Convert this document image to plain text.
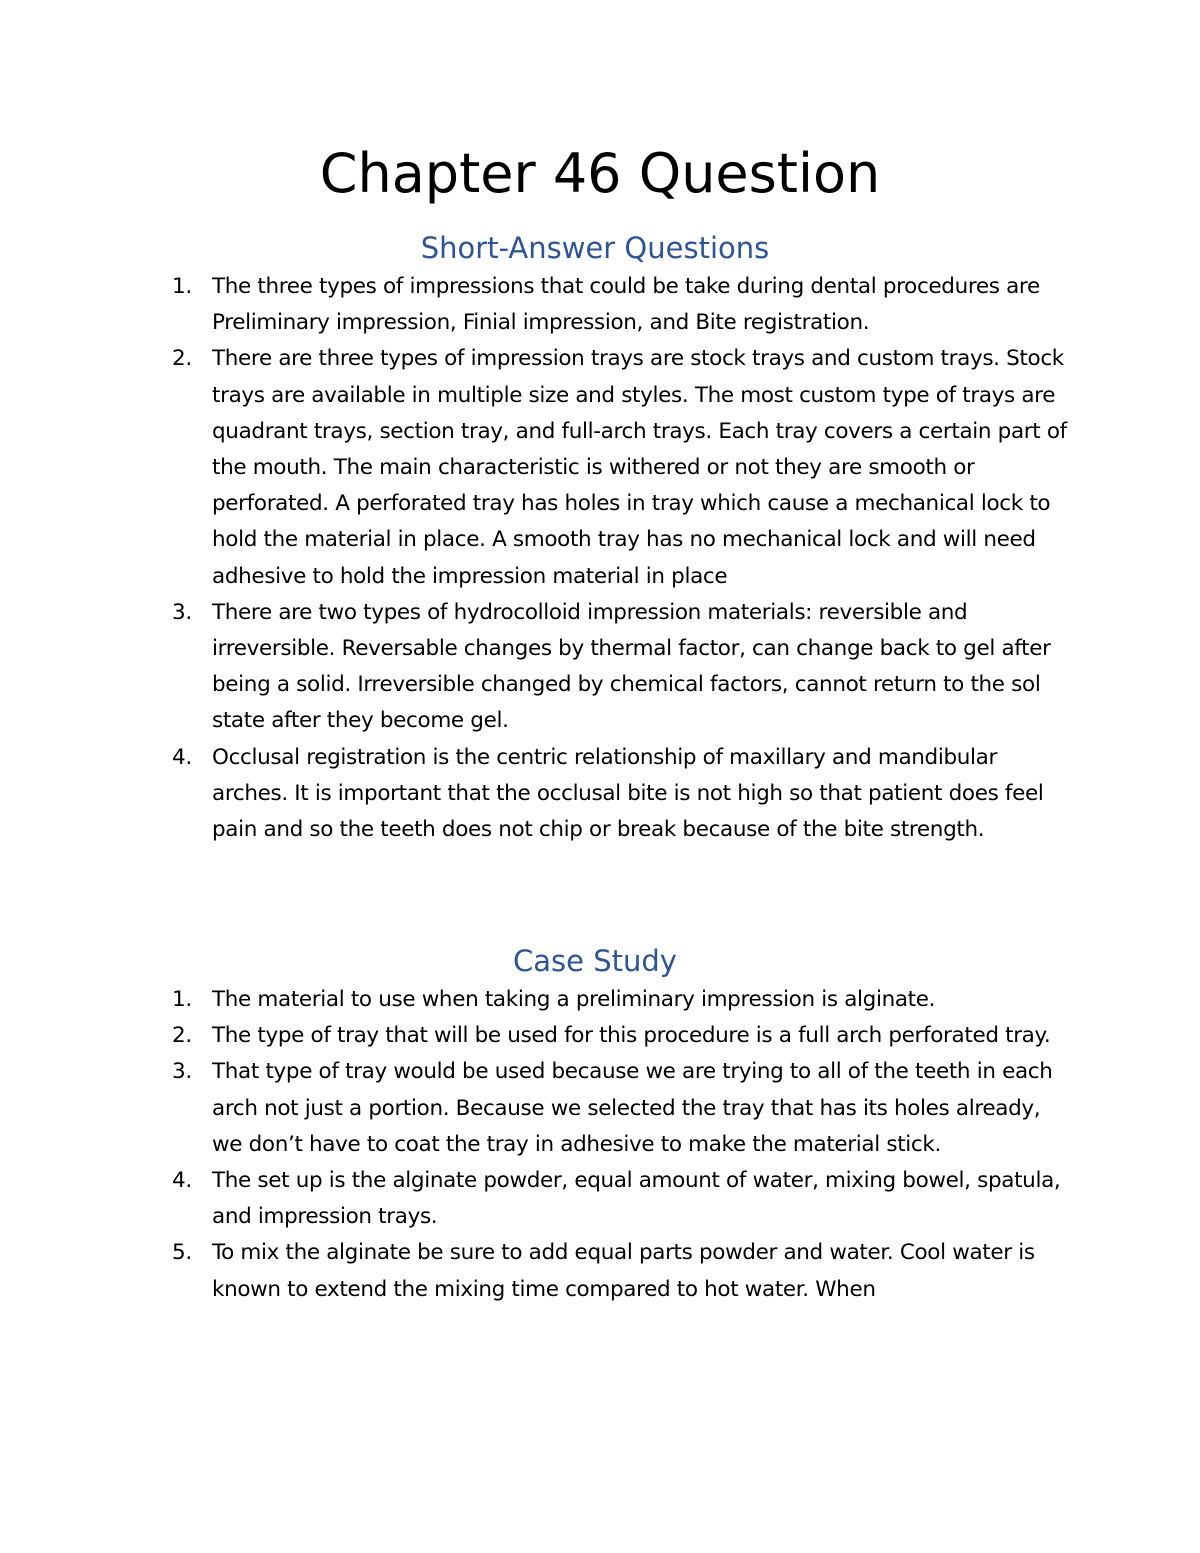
Chapter 46 Question
Short-Answer Questions
1. The three types of impressions that could be take during dental procedures are Preliminary impression, Finial impression, and Bite registration.
2. There are three types of impression trays are stock trays and custom trays. Stock trays are available in multiple size and styles. The most custom type of trays are quadrant trays, section tray, and full-arch trays. Each tray covers a certain part of the mouth. The main characteristic is withered or not they are smooth or perforated. A perforated tray has holes in tray which cause a mechanical lock to hold the material in place. A smooth tray has no mechanical lock and will need adhesive to hold the impression material in place
3. There are two types of hydrocolloid impression materials: reversible and irreversible. Reversable changes by thermal factor, can change back to gel after being a solid. Irreversible changed by chemical factors, cannot return to the sol state after they become gel.
4. Occlusal registration is the centric relationship of maxillary and mandibular arches. It is important that the occlusal bite is not high so that patient does feel pain and so the teeth does not chip or break because of the bite strength.
Case Study
1. The material to use when taking a preliminary impression is alginate.
2. The type of tray that will be used for this procedure is a full arch perforated tray.
3. That type of tray would be used because we are trying to all of the teeth in each arch not just a portion. Because we selected the tray that has its holes already, we don’t have to coat the tray in adhesive to make the material stick.
4. The set up is the alginate powder, equal amount of water, mixing bowel, spatula, and impression trays.
5. To mix the alginate be sure to add equal parts powder and water. Cool water is known to extend the mixing time compared to hot water. When
